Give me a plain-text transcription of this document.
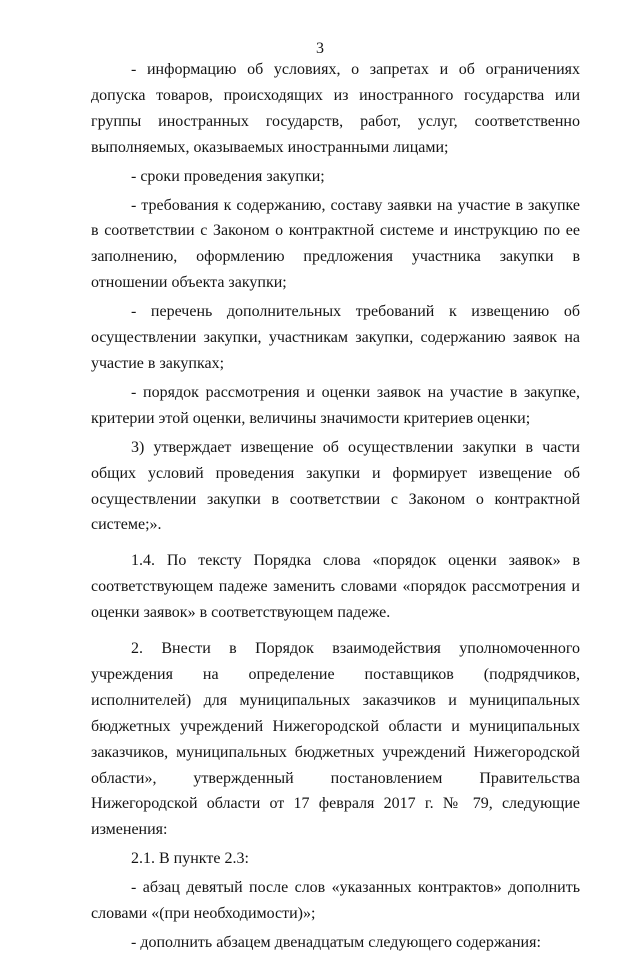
3

- информацию об условиях, о запретах и об ограничениях допуска товаров, происходящих из иностранного государства или группы иностранных государств, работ, услуг, соответственно выполняемых, оказываемых иностранными лицами;

- сроки проведения закупки;

- требования к содержанию, составу заявки на участие в закупке в соответствии с Законом о контрактной системе и инструкцию по ее заполнению, оформлению предложения участника закупки в отношении объекта закупки;

- перечень дополнительных требований к извещению об осуществлении закупки, участникам закупки, содержанию заявок на участие в закупках;

- порядок рассмотрения и оценки заявок на участие в закупке, критерии этой оценки, величины значимости критериев оценки;

3) утверждает извещение об осуществлении закупки в части общих условий проведения закупки и формирует извещение об осуществлении закупки в соответствии с Законом о контрактной системе;».

1.4. По тексту Порядка слова «порядок оценки заявок» в соответствующем падеже заменить словами «порядок рассмотрения и оценки заявок» в соответствующем падеже.

2. Внести в Порядок взаимодействия уполномоченного учреждения на определение поставщиков (подрядчиков, исполнителей) для муниципальных заказчиков и муниципальных бюджетных учреждений Нижегородской области и муниципальных заказчиков, муниципальных бюджетных учреждений Нижегородской области», утвержденный постановлением Правительства Нижегородской области от 17 февраля 2017 г. № 79, следующие изменения:

2.1. В пункте 2.3:

- абзац девятый после слов «указанных контрактов» дополнить словами «(при необходимости)»;

- дополнить абзацем двенадцатым следующего содержания:
